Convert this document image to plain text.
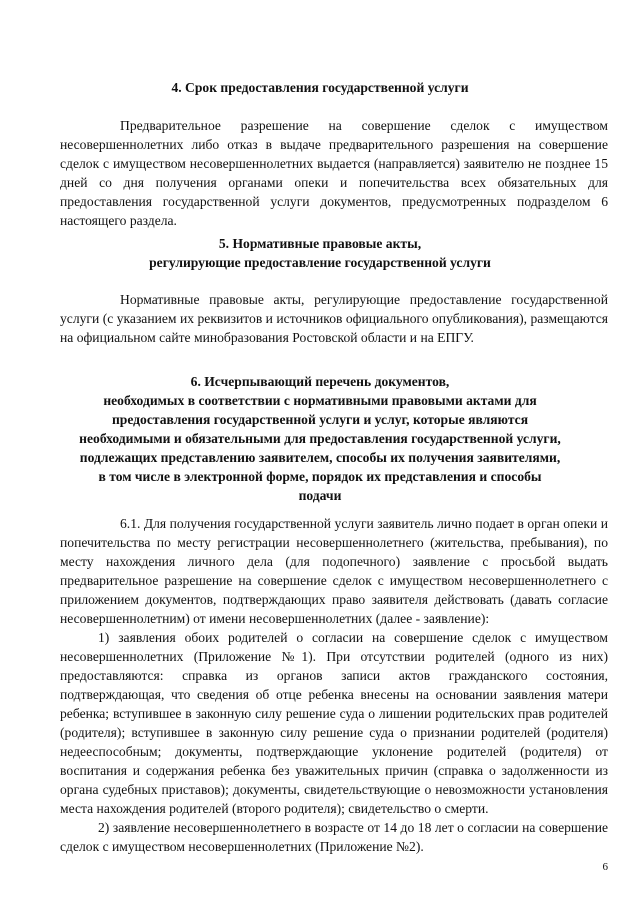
4. Срок предоставления государственной услуги

Предварительное разрешение на совершение сделок с имуществом несовершеннолетних либо отказ в выдаче предварительного разрешения на совершение сделок с имуществом несовершеннолетних выдается (направляется) заявителю не позднее 15 дней со дня получения органами опеки и попечительства всех обязательных для предоставления государственной услуги документов, предусмотренных подразделом 6 настоящего раздела.

5. Нормативные правовые акты,
регулирующие предоставление государственной услуги

Нормативные правовые акты, регулирующие предоставление государственной услуги (с указанием их реквизитов и источников официального опубликования), размещаются на официальном сайте минобразования Ростовской области и на ЕПГУ.

6. Исчерпывающий перечень документов,
необходимых в соответствии с нормативными правовыми актами для
предоставления государственной услуги и услуг, которые являются
необходимыми и обязательными для предоставления государственной услуги,
подлежащих представлению заявителем, способы их получения заявителями,
в том числе в электронной форме, порядок их представления и способы
подачи

6.1. Для получения государственной услуги заявитель лично подает в орган опеки и попечительства по месту регистрации несовершеннолетнего (жительства, пребывания), по месту нахождения личного дела (для подопечного) заявление с просьбой выдать предварительное разрешение на совершение сделок с имуществом несовершеннолетнего с приложением документов, подтверждающих право заявителя действовать (давать согласие несовершеннолетним) от имени несовершеннолетних (далее - заявление):

1) заявления обоих родителей о согласии на совершение сделок с имуществом несовершеннолетних (Приложение №1). При отсутствии родителей (одного из них) предоставляются: справка из органов записи актов гражданского состояния, подтверждающая, что сведения об отце ребенка внесены на основании заявления матери ребенка; вступившее в законную силу решение суда о лишении родительских прав родителей (родителя); вступившее в законную силу решение суда о признании родителей (родителя) недееспособным; документы, подтверждающие уклонение родителей (родителя) от воспитания и содержания ребенка без уважительных причин (справка о задолженности из органа судебных приставов); документы, свидетельствующие о невозможности установления места нахождения родителей (второго родителя); свидетельство о смерти.

2) заявление несовершеннолетнего в возрасте от 14 до 18 лет о согласии на совершение сделок с имуществом несовершеннолетних (Приложение №2).

6
